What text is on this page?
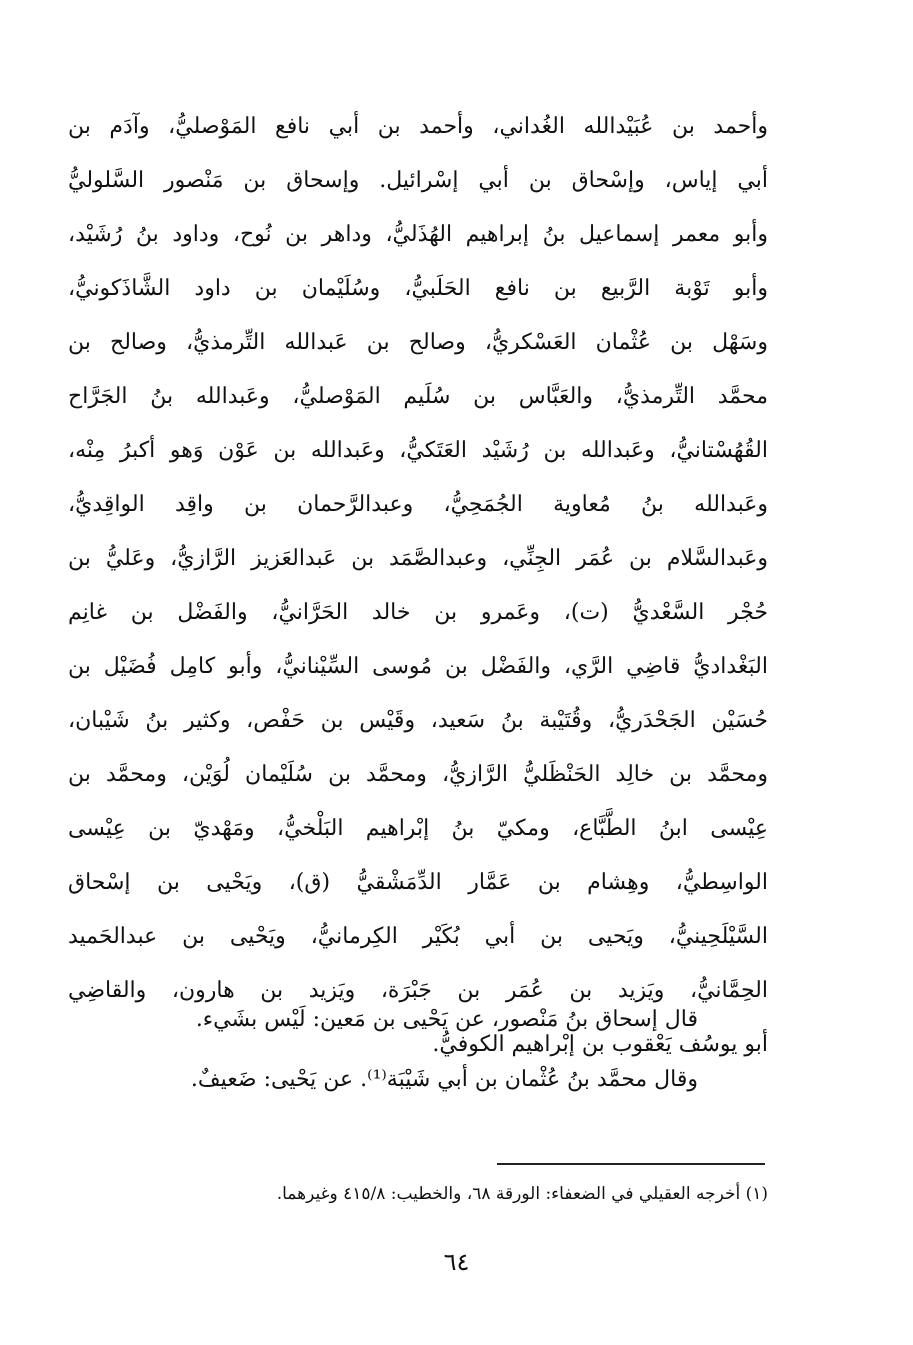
وأحمد بن عُبَيْدالله الغُداني، وأحمد بن أبي نافع المَوْصليُّ، وآدَم بن
أبي إياس، وإسْحاق بن أبي إسْرائيل. وإسحاق بن مَنْصور السَّلوليُّ
وأبو معمر إسماعيل بنُ إبراهيم الهُذَليُّ، وداهر بن نُوح، وداود بنُ رُشَيْد،
وأبو تَوْبة الرَّبيع بن نافع الحَلَبيُّ، وسُلَيْمان بن داود الشَّاذَكونيُّ،
وسَهْل بن عُثْمان العَسْكريُّ، وصالح بن عَبدالله التِّرمذيُّ، وصالح بن
محمَّد التِّرمذيُّ، والعَبَّاس بن سُلَيم المَوْصليُّ، وعَبدالله بنُ الجَرَّاح
القُهُسْتانيُّ، وعَبدالله بن رُشَيْد العَتَكيُّ، وعَبدالله بن عَوْن وَهو أكبرُ مِنْه،
وعَبدالله بنُ مُعاوية الجُمَحِيُّ، وعبدالرَّحمان بن واقِد الواقِديُّ،
وعَبدالسَّلام بن عُمَر الجِنِّي، وعبدالصَّمَد بن عَبدالعَزيز الرَّازيُّ، وعَليُّ بن
حُجْر السَّعْديُّ (ت)، وعَمرو بن خالد الحَرَّانيُّ، والفَضْل بن غانِم
البَغْداديُّ قاضِي الرَّي، والفَضْل بن مُوسى السِّيْنانيُّ، وأبو كامِل فُضَيْل بن
حُسَيْن الجَحْدَريُّ، وقُتَيْبة بنُ سَعيد، وقَيْس بن حَفْص، وكثير بنُ شَيْبان،
ومحمَّد بن خالِد الحَنْظَليُّ الرَّازيُّ، ومحمَّد بن سُلَيْمان لُوَيْن، ومحمَّد بن
عِيْسى ابنُ الطَّبَّاع، ومكيّ بنُ إبْراهيم البَلْخيُّ، ومَهْديّ بن عِيْسى
الواسِطيُّ، وهِشام بن عَمَّار الدِّمَشْقيُّ (ق)، ويَحْيى بن إسْحاق
السَّيْلَحِينيُّ، ويَحيى بن أبي بُكَيْر الكِرمانيُّ، ويَحْيى بن عبدالحَميد
الحِمَّانيُّ، ويَزيد بن عُمَر بن جَبْرَة، ويَزيد بن هارون، والقاضِي
أبو يوسُف يَعْقوب بن إبْراهيم الكوفيُّ.
قال إسحاق بنُ مَنْصور، عن يَحْيى بن مَعين: لَيْس بشَيء.
وقال محمَّد بنُ عُثْمان بن أبي شَيْبَة⁽¹⁾. عن يَحْيى: ضَعيفٌ.
(١) أخرجه العقيلي في الضعفاء: الورقة ٦٨، والخطيب: ٤١٥/٨ وغيرهما.
٦٤
